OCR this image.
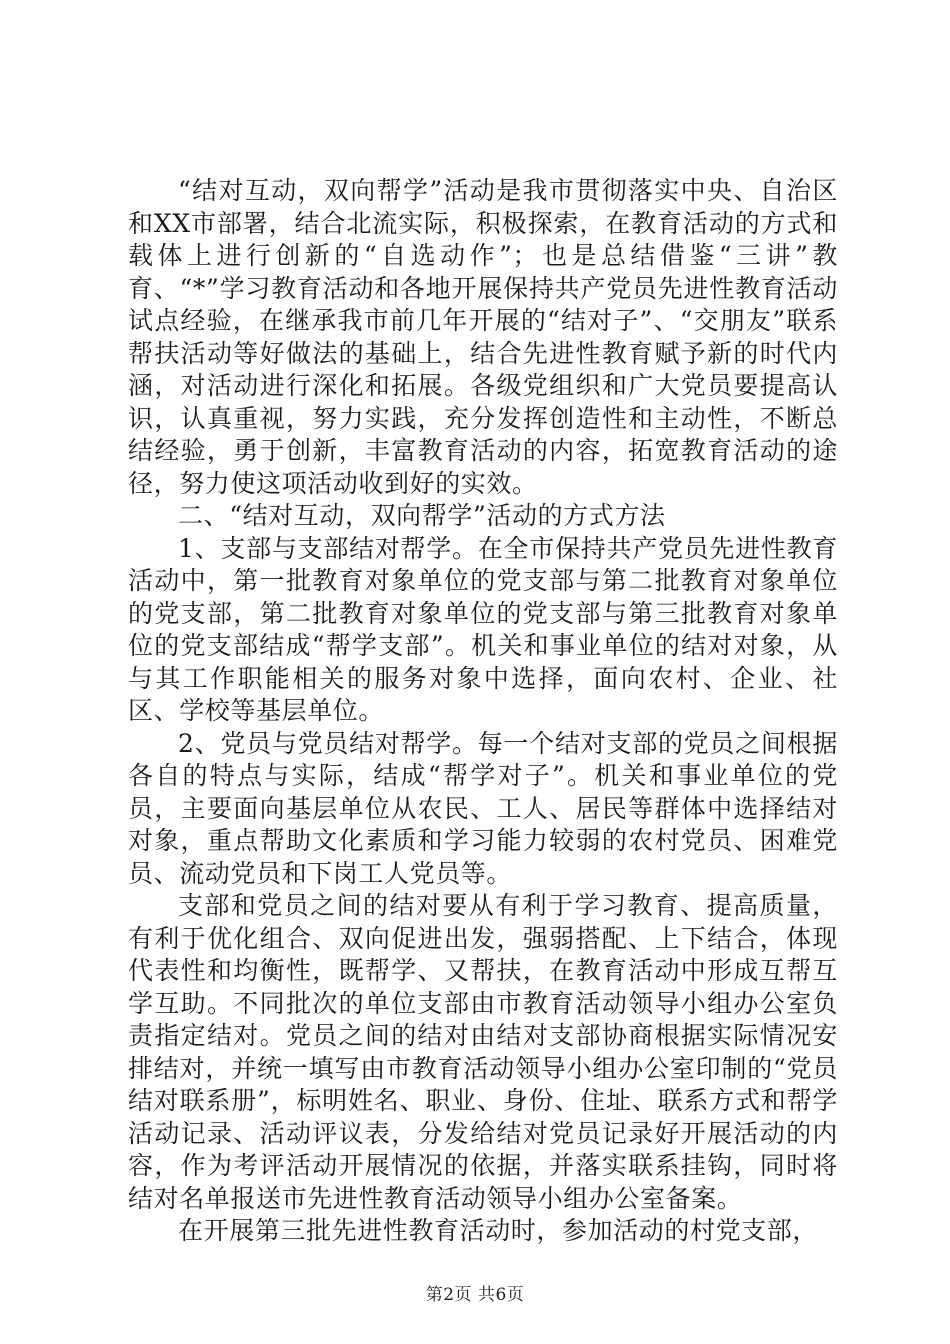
“结对互动，双向帮学”活动是我市贯彻落实中央、自治区和XX市部署，结合北流实际，积极探索，在教育活动的方式和载体上进行创新的“自选动作”；也是总结借鉴“三讲”教育、“*”学习教育活动和各地开展保持共产党员先进性教育活动试点经验，在继承我市前几年开展的“结对子”、“交朋友”联系帮扶活动等好做法的基础上，结合先进性教育赋予新的时代内涵，对活动进行深化和拓展。各级党组织和广大党员要提高认识，认真重视，努力实践，充分发挥创造性和主动性，不断总结经验，勇于创新，丰富教育活动的内容，拓宽教育活动的途径，努力使这项活动收到好的实效。

二、“结对互动，双向帮学”活动的方式方法

1、支部与支部结对帮学。在全市保持共产党员先进性教育活动中，第一批教育对象单位的党支部与第二批教育对象单位的党支部，第二批教育对象单位的党支部与第三批教育对象单位的党支部结成“帮学支部”。机关和事业单位的结对对象，从与其工作职能相关的服务对象中选择，面向农村、企业、社区、学校等基层单位。

2、党员与党员结对帮学。每一个结对支部的党员之间根据各自的特点与实际，结成“帮学对子”。机关和事业单位的党员，主要面向基层单位从农民、工人、居民等群体中选择结对对象，重点帮助文化素质和学习能力较弱的农村党员、困难党员、流动党员和下岗工人党员等。

支部和党员之间的结对要从有利于学习教育、提高质量，有利于优化组合、双向促进出发，强弱搭配、上下结合，体现代表性和均衡性，既帮学、又帮扶，在教育活动中形成互帮互学互助。不同批次的单位支部由市教育活动领导小组办公室负责指定结对。党员之间的结对由结对支部协商根据实际情况安排结对，并统一填写由市教育活动领导小组办公室印制的“党员结对联系册”，标明姓名、职业、身份、住址、联系方式和帮学活动记录、活动评议表，分发给结对党员记录好开展活动的内容，作为考评活动开展情况的依据，并落实联系挂钩，同时将结对名单报送市先进性教育活动领导小组办公室备案。

在开展第三批先进性教育活动时，参加活动的村党支部，

第2页 共6页
